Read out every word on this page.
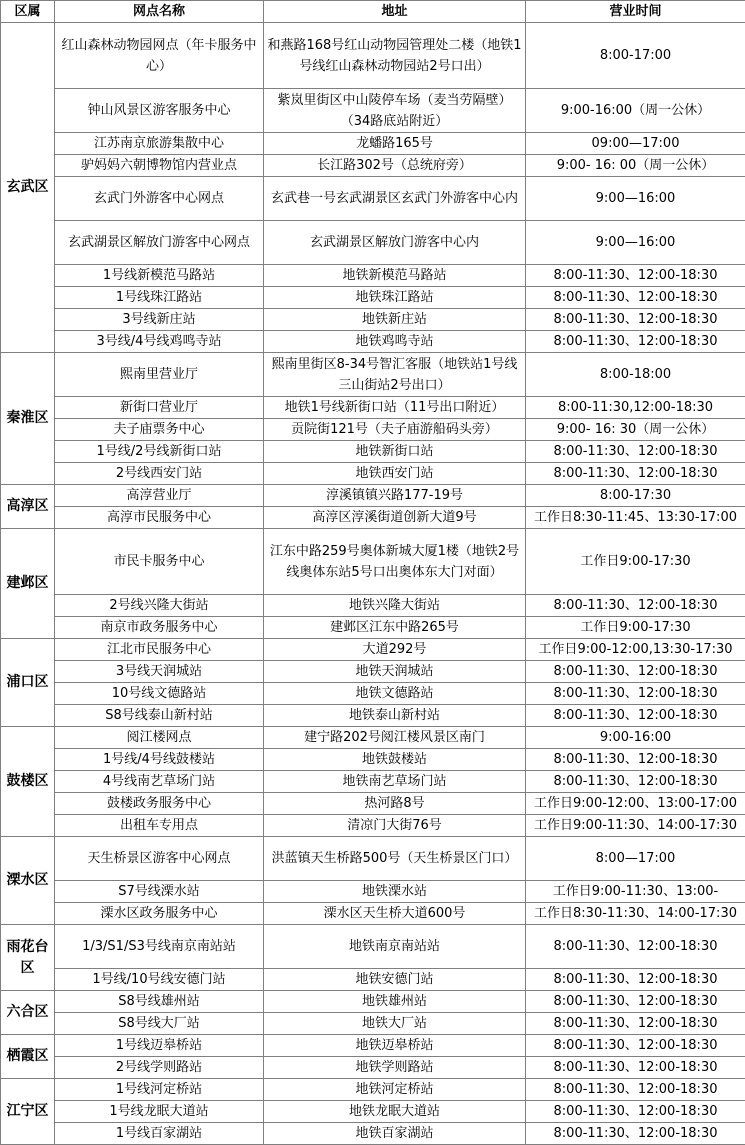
区属	网点名称	地址	营业时间
玄武区	红山森林动物园网点（年卡服务中心）	和燕路168号红山动物园管理处二楼（地铁1号线红山森林动物园站2号口出）	8:00-17:00
	钟山风景区游客服务中心	紫岚里街区中山陵停车场（麦当劳隔壁）（34路底站附近）	9:00-16:00（周一公休）
	江苏南京旅游集散中心	龙蟠路165号	09:00—17:00
	驴妈妈六朝博物馆内营业点	长江路302号（总统府旁）	9:00- 16: 00（周一公休）
	玄武门外游客中心网点	玄武巷一号玄武湖景区玄武门外游客中心内	9:00—16:00
	玄武湖景区解放门游客中心网点	玄武湖景区解放门游客中心内	9:00—16:00
	1号线新模范马路站	地铁新模范马路站	8:00-11:30、12:00-18:30
	1号线珠江路站	地铁珠江路站	8:00-11:30、12:00-18:30
	3号线新庄站	地铁新庄站	8:00-11:30、12:00-18:30
	3号线/4号线鸡鸣寺站	地铁鸡鸣寺站	8:00-11:30、12:00-18:30
秦淮区	熙南里营业厅	熙南里街区8-34号智汇客服（地铁站1号线三山街站2号出口）	8:00-18:00
	新街口营业厅	地铁1号线新街口站（11号出口附近）	8:00-11:30,12:00-18:30
	夫子庙票务中心	贡院街121号（夫子庙游船码头旁）	9:00- 16: 30（周一公休）
	1号线/2号线新街口站	地铁新街口站	8:00-11:30、12:00-18:30
	2号线西安门站	地铁西安门站	8:00-11:30、12:00-18:30
高淳区	高淳营业厅	淳溪镇镇兴路177-19号	8:00-17:30
	高淳市民服务中心	高淳区淳溪街道创新大道9号	工作日8:30-11:45、13:30-17:00
建邺区	市民卡服务中心	江东中路259号奥体新城大厦1楼（地铁2号线奥体东站5号口出奥体东大门对面）	工作日9:00-17:30
	2号线兴隆大街站	地铁兴隆大街站	8:00-11:30、12:00-18:30
	南京市政务服务中心	建邺区江东中路265号	工作日9:00-17:30
浦口区	江北市民服务中心	大道292号	工作日9:00-12:00,13:30-17:30
	3号线天润城站	地铁天润城站	8:00-11:30、12:00-18:30
	10号线文德路站	地铁文德路站	8:00-11:30、12:00-18:30
	S8号线泰山新村站	地铁泰山新村站	8:00-11:30、12:00-18:30
鼓楼区	阅江楼网点	建宁路202号阅江楼风景区南门	9:00-16:00
	1号线/4号线鼓楼站	地铁鼓楼站	8:00-11:30、12:00-18:30
	4号线南艺草场门站	地铁南艺草场门站	8:00-11:30、12:00-18:30
	鼓楼政务服务中心	热河路8号	工作日9:00-12:00、13:00-17:00
	出租车专用点	清凉门大街76号	工作日9:00-11:30、14:00-17:30
溧水区	天生桥景区游客中心网点	洪蓝镇天生桥路500号（天生桥景区门口）	8:00—17:00
	S7号线溧水站	地铁溧水站	工作日9:00-11:30、13:00-
	溧水区政务服务中心	溧水区天生桥大道600号	工作日8:30-11:30、14:00-17:30
雨花台区	1/3/S1/S3号线南京南站站	地铁南京南站站	8:00-11:30、12:00-18:30
	1号线/10号线安德门站	地铁安德门站	8:00-11:30、12:00-18:30
六合区	S8号线雄州站	地铁雄州站	8:00-11:30、12:00-18:30
	S8号线大厂站	地铁大厂站	8:00-11:30、12:00-18:30
栖霞区	1号线迈皋桥站	地铁迈皋桥站	8:00-11:30、12:00-18:30
	2号线学则路站	地铁学则路站	8:00-11:30、12:00-18:30
江宁区	1号线河定桥站	地铁河定桥站	8:00-11:30、12:00-18:30
	1号线龙眠大道站	地铁龙眠大道站	8:00-11:30、12:00-18:30
	1号线百家湖站	地铁百家湖站	8:00-11:30、12:00-18:30
